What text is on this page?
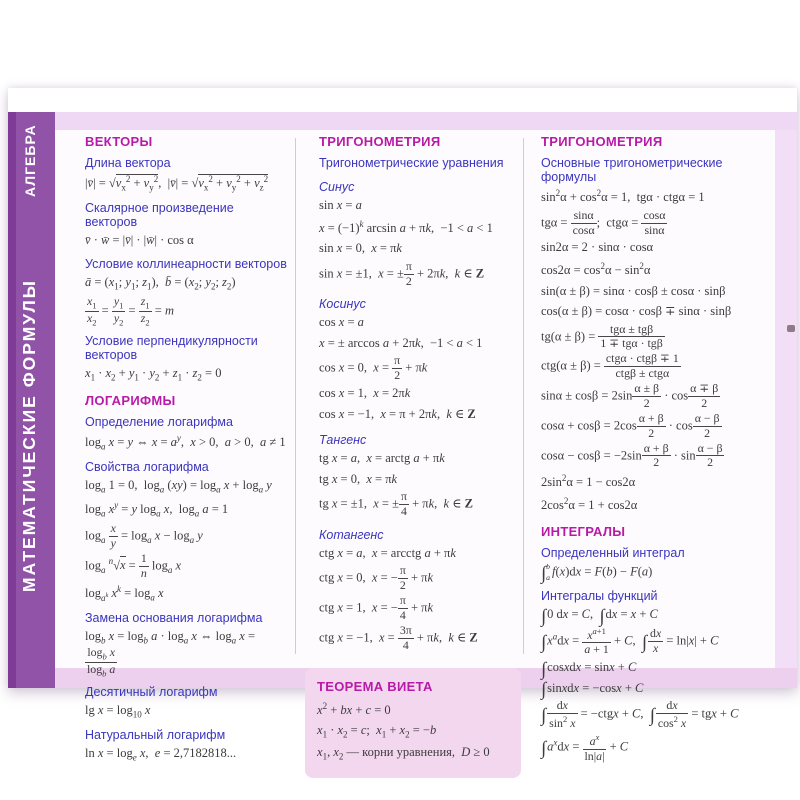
АЛГЕБРА
МАТЕМАТИЧЕСКИЕ ФОРМУЛЫ
ВЕКТОРЫ
Длина вектора
|v̄| = $√v_x^2 + v_y^2$,  |v̄| = $√v_x^2 + v_y^2 + v_z^2$
Скалярное произведение векторов
v̄ · w̄ = |v̄| · |w̄| · cos α
Условие коллинеарности векторов
ā = ($x_1$; $y_1$; $z_1$),  b̄ = ($x_2$; $y_2$; $z_2$)
$\frac{x_1}{x_2} = \frac{y_1}{y_2} = \frac{z_1}{z_2} = m$
Условие перпендикулярности векторов
$x_1 \cdot x_2 + y_1 \cdot y_2 + z_1 \cdot z_2 = 0$
ЛОГАРИФМЫ
Определение логарифма
$\log_a x = y$ ⇔ $x = a^y$,  x > 0,  a > 0,  a ≠ 1
Свойства логарифма
$\log_a 1 = 0$,  $\log_a (xy) = \log_a x + \log_a y$
$\log_a x^y = y$ $\log_a x$,  $\log_a a = 1$
$\log_a \frac{x}{y} = \log_a x - \log_a y$
$\log_a ^n√x = \frac{1}{n} \log_a x$
$\log_{a^k} x^k = \log_a x$
Замена основания логарифма
$\log_b x = \log_b a \cdot \log_a x$ ⇔ $\log_a x$ =
$\frac{\log_b x}{\log_b a}$
Десятичный логарифм
$\lg x = \log_{10} x$
Натуральный логарифм
$\ln x = \log_e x$,  e = 2,7182818...
ТРИГОНОМЕТРИЯ
Тригонометрические уравнения
Синус
sin x = a
$x = (-1)^k$ arcsin a + πk,  −1 < a < 1
sin x = 0,  x = πk
sin x = ±1,  x = ± $\frac{\pi}{2} + 2\pi k$,  k ∈ Z
Косинус
cos x = a
x = ± arccos a + 2πk,  −1 < a < 1
cos x = 0,  $x = \frac{\pi}{2} + \pi k$
cos x = 1,  x = 2πk
cos x = −1,  x = π + 2πk,  k ∈ Z
Тангенс
tg x = a,  x = arctg a + πk
tg x = 0,  x = πk
tg x = ±1,  x = ± $\frac{\pi}{4} + \pi k$,  k ∈ Z
Котангенс
ctg x = a,  x = arcctg a + πk
ctg x = 0,  x = − $\frac{\pi}{2} + \pi k$
ctg x = 1,  x = − $\frac{\pi}{4} + \pi k$
ctg x = −1,  $x = \frac{3\pi}{4} + \pi k$,  k ∈ Z
ТЕОРЕМА ВИЕТА
$x^2$ + bx + c = 0
$x_1 \cdot x_2 = c$;  $x_1 + x_2 = -b$
$x_1$, $x_2$ — корни уравнения,  D ≥ 0
ТРИГОНОМЕТРИЯ
Основные тригонометрические формулы
$\sin^2\alpha + \cos^2\alpha = 1$,  tgα · ctgα = 1
$tg\alpha = \frac{\sin\alpha}{\cos\alpha}$ ;  $ctg\alpha = \frac{\cos\alpha}{\sin\alpha}$
sin2α = 2 · sinα · cosα
$\cos 2\alpha = \cos^2\alpha - \sin^2\alpha$
sin(α ± β) = sinα · cosβ ± cosα · sinβ
cos(α ± β) = cosα · cosβ ∓ sinα · sinβ
tg(α ± β) =
tgα ± tgβ
1 ∓ tgα · tgβ
ctg(α ± β) =
ctgα · ctgβ ∓ 1
ctgβ ± ctgα
$\sin\alpha \pm \cos\beta = 2\sin \frac{\alpha \pm \beta}{2} \cdot \cos \frac{\alpha \mp \beta}{2}$
$\cos\alpha + \cos\beta = 2\cos \frac{\alpha + \beta}{2} \cdot \cos \frac{\alpha - \beta}{2}$
$\cos\alpha - \cos\beta = -2\sin \frac{\alpha + \beta}{2} \cdot \sin \frac{\alpha - \beta}{2}$
$2\sin^2\alpha = 1 - \cos 2\alpha$
$2\cos^2\alpha = 1 + \cos 2\alpha$
ИНТЕГРАЛЫ
Определенный интеграл
∫ b
a f(x)dx = F(b) − F(a)
Интегралы функций
∫0 dx = C,  ∫dx = x + C
$\int x^adx = \frac{x^{a+1}}{a + 1} + C$,  ∫ $\frac{dx}{x} = \ln|x| + C$
∫cosxdx = sinx + C
∫sinxdx = −cosx + C
∫ $\frac{dx}{\sin^2 x}$ = −ctgx + C,  ∫ $\frac{dx}{\cos^2 x}$ = tgx + C
$\int a^xdx = \frac{a^x}{\ln|a|} + C$
